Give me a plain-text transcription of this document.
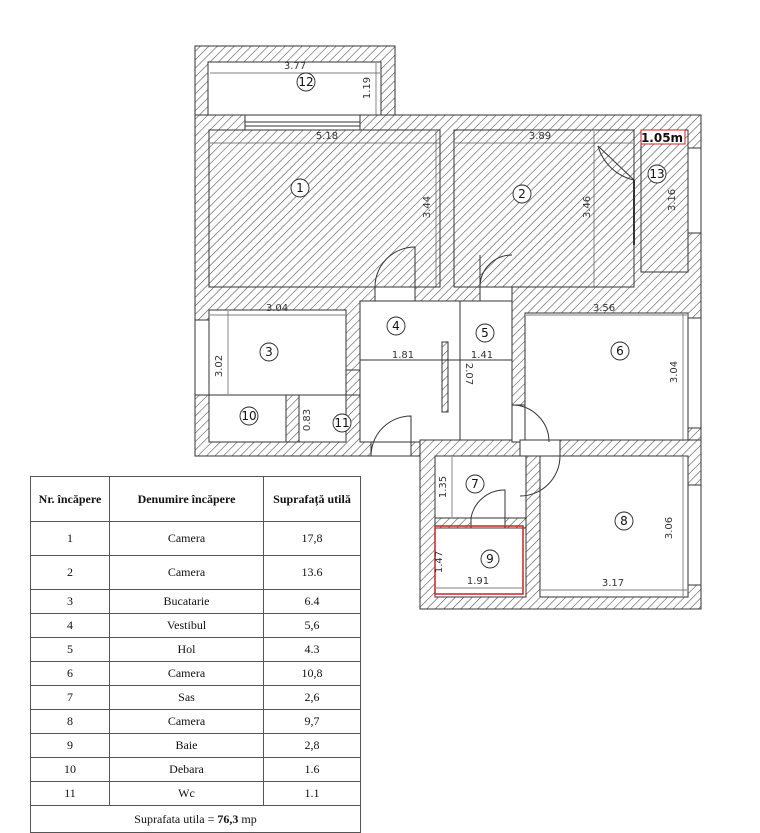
1.05m
3.77
1.19
5.18	3.89
3.44	3.46	3.16
3.04
3.02	1.81	1.41
3.56
3.04
2.07
0.83
1.35
1.47
1.91	3.17
3.06
1	2
3
4	5
6
7
8
9
10	11
12
13
Nr. încăpere	Denumire încăpere	Suprafață utilă
1	Camera	17,8
2	Camera	13.6
3	Bucatarie	6.4
4	Vestibul	5,6
5	Hol	4.3
6	Camera	10,8
7	Sas	2,6
8	Camera	9,7
9	Baie	2,8
10	Debara	1.6
11	Wc	1.1
Suprafata utila = 76,3 mp		
